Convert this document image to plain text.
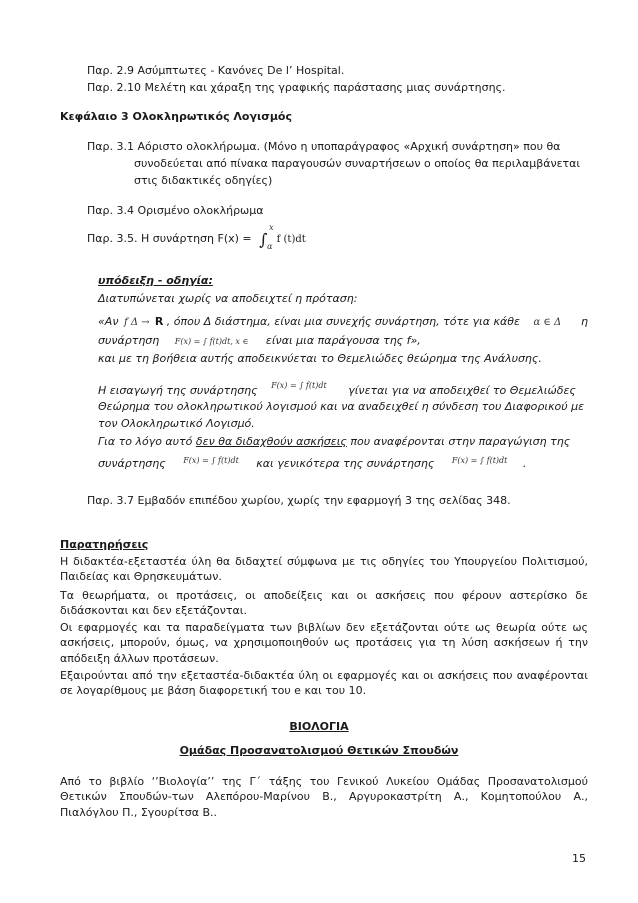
Παρ. 2.9 Ασύμπτωτες - Κανόνες De l’ Hospital.
Παρ. 2.10 Μελέτη και χάραξη της γραφικής παράστασης μιας συνάρτησης.
Κεφάλαιο 3 Ολοκληρωτικός Λογισμός
Παρ. 3.1 Αόριστο ολοκλήρωμα. (Μόνο η υποπαράγραφος «Αρχική συνάρτηση» που θα
συνοδεύεται από πίνακα παραγουσών συναρτήσεων ο οποίος θα περιλαμβάνεται
στις διδακτικές οδηγίες)
Παρ. 3.4 Ορισμένο ολοκλήρωμα
Παρ. 3.5. Η συνάρτηση F(x) = ∫
x
α
f (t)dt
υπόδειξη - οδηγία:
Διατυπώνεται χωρίς να αποδειχτεί η πρόταση:
«Αν f Δ → R , όπου Δ διάστημα, είναι μια συνεχής συνάρτηση, τότε για κάθε α ∈ Δ η
συνάρτηση F(x) = ∫ f(t)dt, x ∈ είναι μια παράγουσα της f»,
και με τη βοήθεια αυτής αποδεικνύεται το Θεμελιώδες θεώρημα της Ανάλυσης.
Η εισαγωγή της συνάρτησης $^{F(x) = \int f(t)dt}$ γίνεται για να αποδειχθεί το Θεμελιώδες
Θεώρημα του ολοκληρωτικού λογισμού και να αναδειχθεί η σύνδεση του Διαφορικού με
τον Ολοκληρωτικό Λογισμό.
Για το λόγο αυτό δεν θα διδαχθούν ασκήσεις που αναφέρονται στην παραγώγιση της
συνάρτησης $^{F(x) = \int f(t)dt}$ και γενικότερα της συνάρτησης $^{F(x) = \int f(t)dt}$ .
Παρ. 3.7 Εμβαδόν επιπέδου χωρίου, χωρίς την εφαρμογή 3 της σελίδας 348.
Παρατηρήσεις
Η διδακτέα-εξεταστέα ύλη θα διδαχτεί σύμφωνα με τις οδηγίες του Υπουργείου Πολιτισμού, Παιδείας και Θρησκευμάτων.
Τα θεωρήματα, οι προτάσεις, οι αποδείξεις και οι ασκήσεις που φέρουν αστερίσκο δε διδάσκονται και δεν εξετάζονται.
Οι εφαρμογές και τα παραδείγματα των βιβλίων δεν εξετάζονται ούτε ως θεωρία ούτε ως ασκήσεις, μπορούν, όμως, να χρησιμοποιηθούν ως προτάσεις για τη λύση ασκήσεων ή την απόδειξη άλλων προτάσεων.
Εξαιρούνται από την εξεταστέα-διδακτέα ύλη οι εφαρμογές και οι ασκήσεις που αναφέρονται σε λογαρίθμους με βάση διαφορετική του e και του 10.
ΒΙΟΛΟΓΙΑ
Ομάδας Προσανατολισμού Θετικών Σπουδών
Από το βιβλίο ‘’Βιολογία’’ της Γ΄ τάξης του Γενικού Λυκείου Ομάδας Προσανατολισμού Θετικών Σπουδών-των Αλεπόρου-Μαρίνου Β., Αργυροκαστρίτη Α., Κομητοπούλου Α., Πιαλόγλου Π., Σγουρίτσα Β..
15
